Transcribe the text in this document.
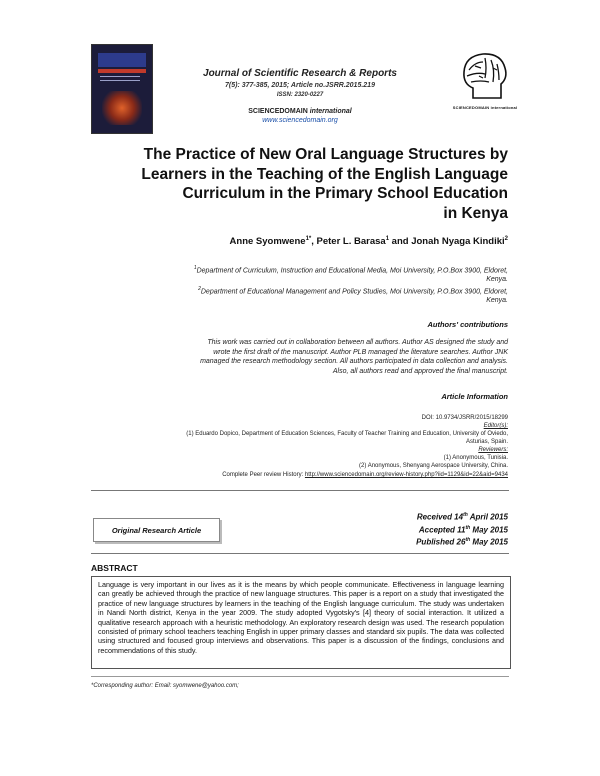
Journal of Scientific Research & Reports
7(5): 377-385, 2015; Article no.JSRR.2015.219
ISSN: 2320-0227
SCIENCEDOMAIN international
www.sciencedomain.org
SCIENCEDOMAIN international
The Practice of New Oral Language Structures by
Learners in the Teaching of the English Language
Curriculum in the Primary School Education
in Kenya
Anne Syomwene$^{1*}$, Peter L. Barasa$^1$ and Jonah Nyaga Kindiki$^2$
$^1$Department of Curriculum, Instruction and Educational Media, Moi University, P.O.Box 3900, Eldoret,
Kenya.
$^2$Department of Educational Management and Policy Studies, Moi University, P.O.Box 3900, Eldoret,
Kenya.
Authors' contributions
This work was carried out in collaboration between all authors. Author AS designed the study and
wrote the first draft of the manuscript. Author PLB managed the literature searches. Author JNK
managed the research methodology section. All authors participated in data collection and analysis.
Also, all authors read and approved the final manuscript.
Article Information
DOI: 10.9734/JSRR/2015/18299
Editor(s):
(1) Eduardo Dopico, Department of Education Sciences, Faculty of Teacher Training and Education, University of Oviedo,
Asturias, Spain.
Reviewers:
(1) Anonymous, Tunisia.
(2) Anonymous, Shenyang Aerospace University, China.
Complete Peer review History: http://www.sciencedomain.org/review-history.php?iid=1129&id=22&aid=9434
Original Research Article
Received 14th April 2015
Accepted 11th May 2015
Published 26th May 2015
ABSTRACT
Language is very important in our lives as it is the means by which people communicate. Effectiveness in language learning can greatly be achieved through the practice of new language structures. This paper is a report on a study that investigated the practice of new language structures by learners in the teaching of the English language curriculum. The study was undertaken in Nandi North district, Kenya in the year 2009. The study adopted Vygotsky's [4] theory of social interaction. It utilized a qualitative research approach with a heuristic methodology. An exploratory research design was used. The research population consisted of primary school teachers teaching English in upper primary classes and standard six pupils. The data was collected using structured and focused group interviews and observations. This paper is a discussion of the findings, conclusions and recommendations of this study.
*Corresponding author: Email: syomwene@yahoo.com;
